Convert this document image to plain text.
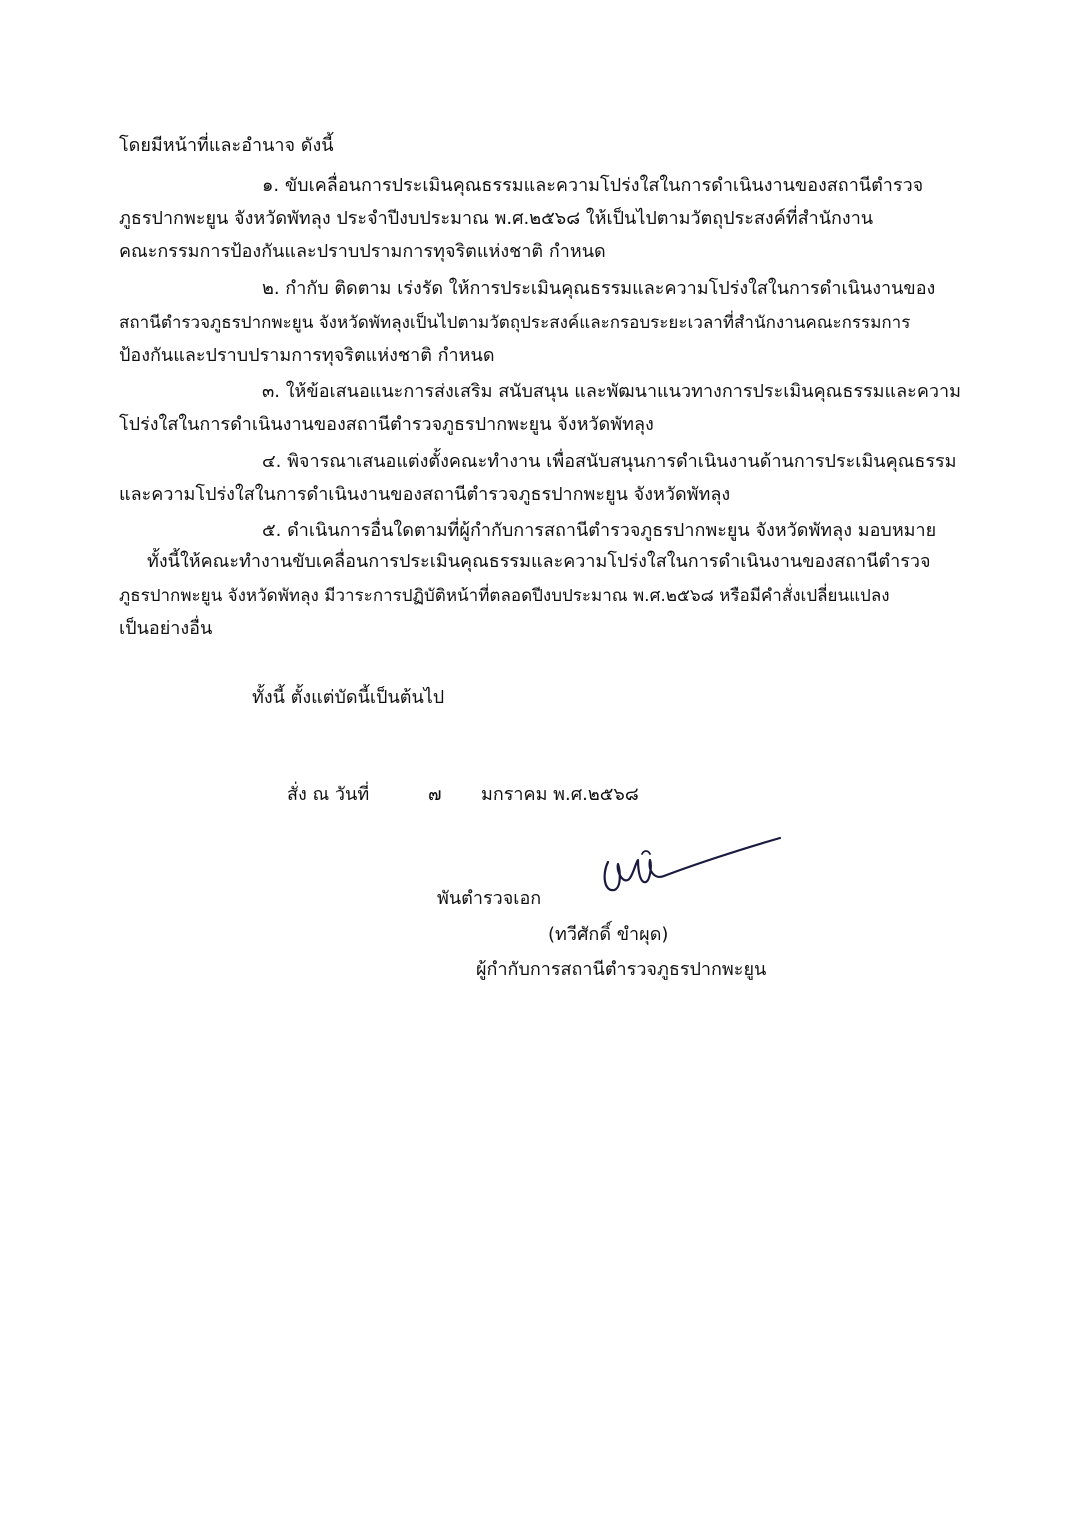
โดยมีหน้าที่และอำนาจ ดังนี้
๑. ขับเคลื่อนการประเมินคุณธรรมและความโปร่งใสในการดำเนินงานของสถานีตำรวจ
ภูธรปากพะยูน จังหวัดพัทลุง ประจำปีงบประมาณ พ.ศ.๒๕๖๘ ให้เป็นไปตามวัตถุประสงค์ที่สำนักงาน
คณะกรรมการป้องกันและปราบปรามการทุจริตแห่งชาติ กำหนด
๒. กำกับ ติดตาม เร่งรัด ให้การประเมินคุณธรรมและความโปร่งใสในการดำเนินงานของ
สถานีตำรวจภูธรปากพะยูน จังหวัดพัทลุงเป็นไปตามวัตถุประสงค์และกรอบระยะเวลาที่สำนักงานคณะกรรมการ
ป้องกันและปราบปรามการทุจริตแห่งชาติ กำหนด
๓. ให้ข้อเสนอแนะการส่งเสริม สนับสนุน และพัฒนาแนวทางการประเมินคุณธรรมและความ
โปร่งใสในการดำเนินงานของสถานีตำรวจภูธรปากพะยูน จังหวัดพัทลุง
๔. พิจารณาเสนอแต่งตั้งคณะทำงาน เพื่อสนับสนุนการดำเนินงานด้านการประเมินคุณธรรม
และความโปร่งใสในการดำเนินงานของสถานีตำรวจภูธรปากพะยูน จังหวัดพัทลุง
๕. ดำเนินการอื่นใดตามที่ผู้กำกับการสถานีตำรวจภูธรปากพะยูน จังหวัดพัทลุง มอบหมาย
ทั้งนี้ให้คณะทำงานขับเคลื่อนการประเมินคุณธรรมและความโปร่งใสในการดำเนินงานของสถานีตำรวจ
ภูธรปากพะยูน จังหวัดพัทลุง มีวาระการปฏิบัติหน้าที่ตลอดปีงบประมาณ พ.ศ.๒๕๖๘ หรือมีคำสั่งเปลี่ยนแปลง
เป็นอย่างอื่น
ทั้งนี้ ตั้งแต่บัดนี้เป็นต้นไป
สั่ง ณ วันที่	๗ มกราคม พ.ศ.๒๕๖๘
พันตำรวจเอก
(ทวีศักดิ์ ขำผุด)
ผู้กำกับการสถานีตำรวจภูธรปากพะยูน
